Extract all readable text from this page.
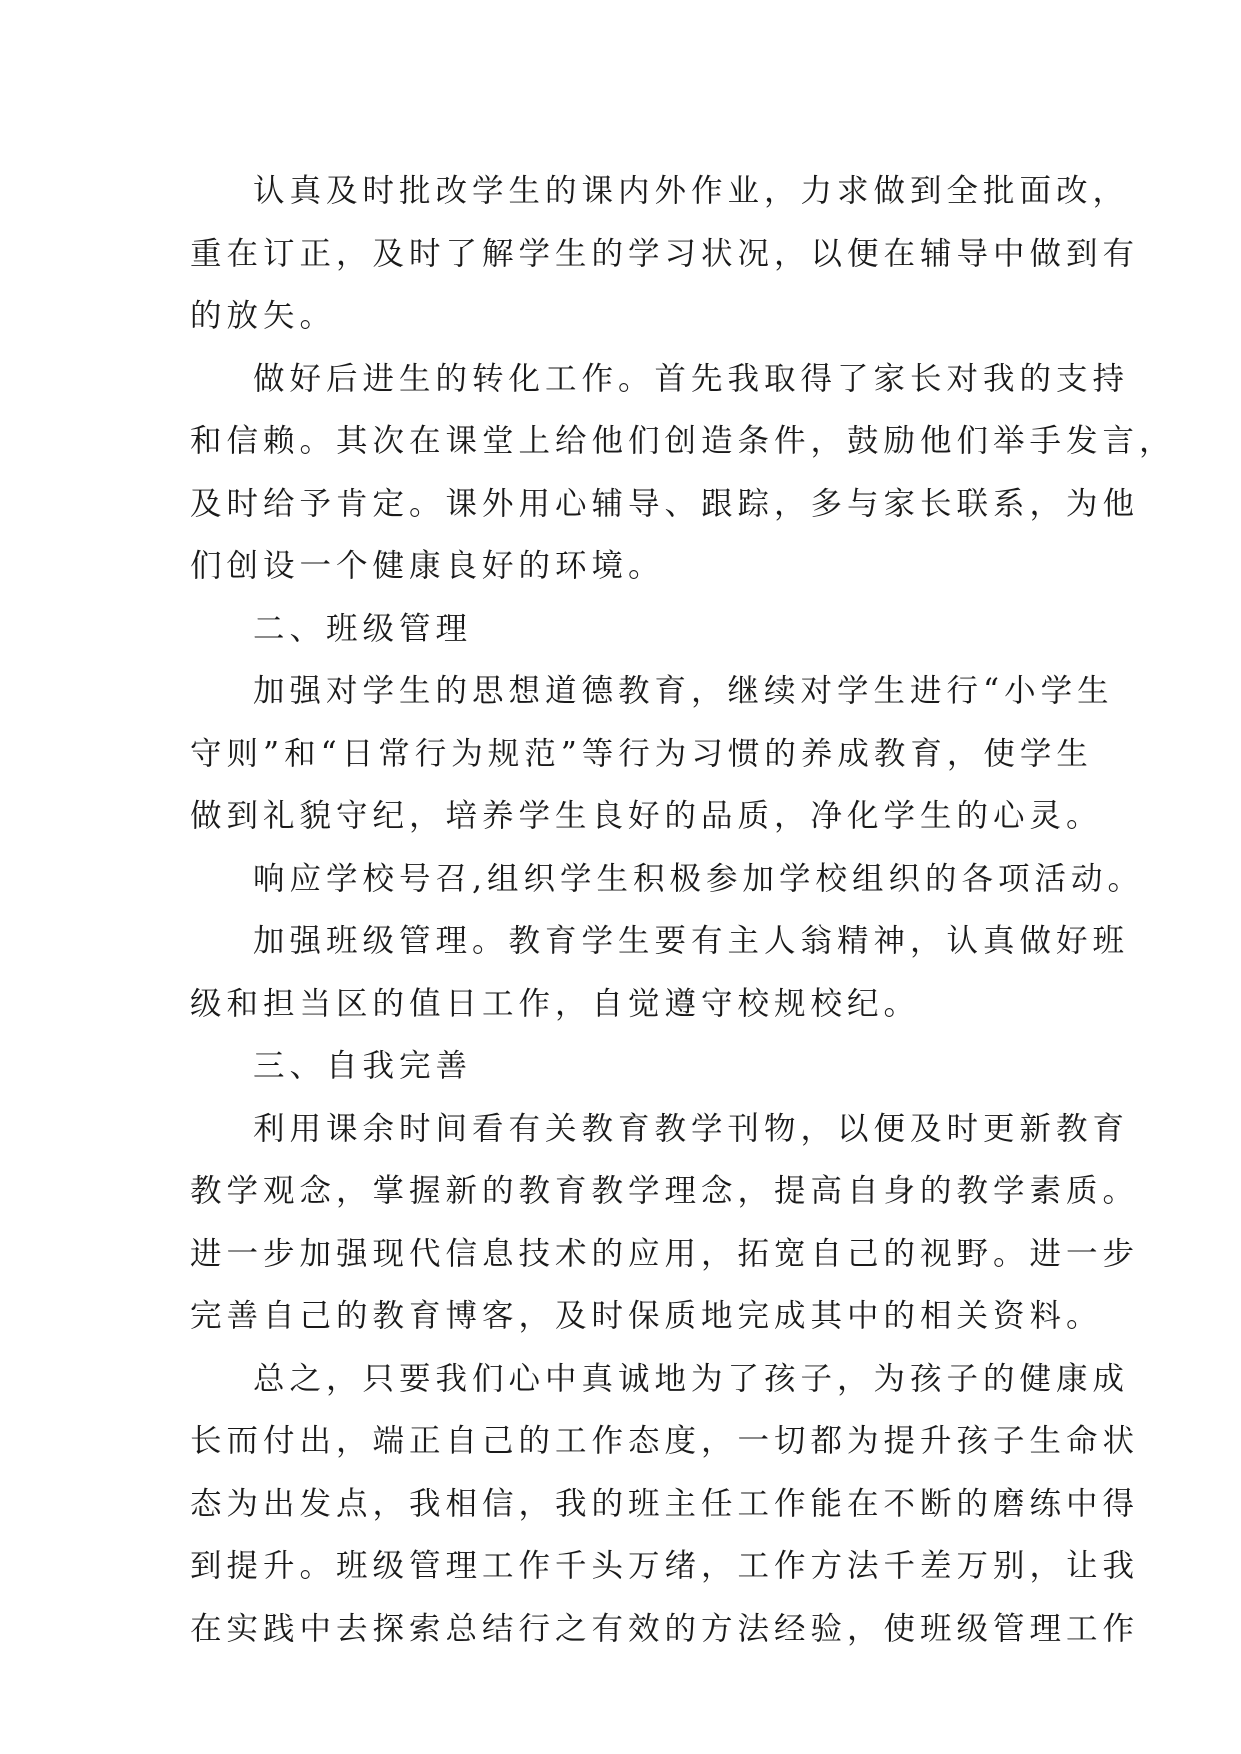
认真及时批改学生的课内外作业，力求做到全批面改，
重在订正，及时了解学生的学习状况，以便在辅导中做到有
的放矢。
做好后进生的转化工作。首先我取得了家长对我的支持
和信赖。其次在课堂上给他们创造条件，鼓励他们举手发言，
及时给予肯定。课外用心辅导、跟踪，多与家长联系，为他
们创设一个健康良好的环境。
二、班级管理
加强对学生的思想道德教育，继续对学生进行“小学生
守则”和“日常行为规范”等行为习惯的养成教育，使学生
做到礼貌守纪，培养学生良好的品质，净化学生的心灵。
响应学校号召,组织学生积极参加学校组织的各项活动。
加强班级管理。教育学生要有主人翁精神，认真做好班
级和担当区的值日工作，自觉遵守校规校纪。
三、自我完善
利用课余时间看有关教育教学刊物，以便及时更新教育
教学观念，掌握新的教育教学理念，提高自身的教学素质。
进一步加强现代信息技术的应用，拓宽自己的视野。进一步
完善自己的教育博客，及时保质地完成其中的相关资料。
总之，只要我们心中真诚地为了孩子，为孩子的健康成
长而付出，端正自己的工作态度，一切都为提升孩子生命状
态为出发点，我相信，我的班主任工作能在不断的磨练中得
到提升。班级管理工作千头万绪，工作方法千差万别，让我
在实践中去探索总结行之有效的方法经验，使班级管理工作
